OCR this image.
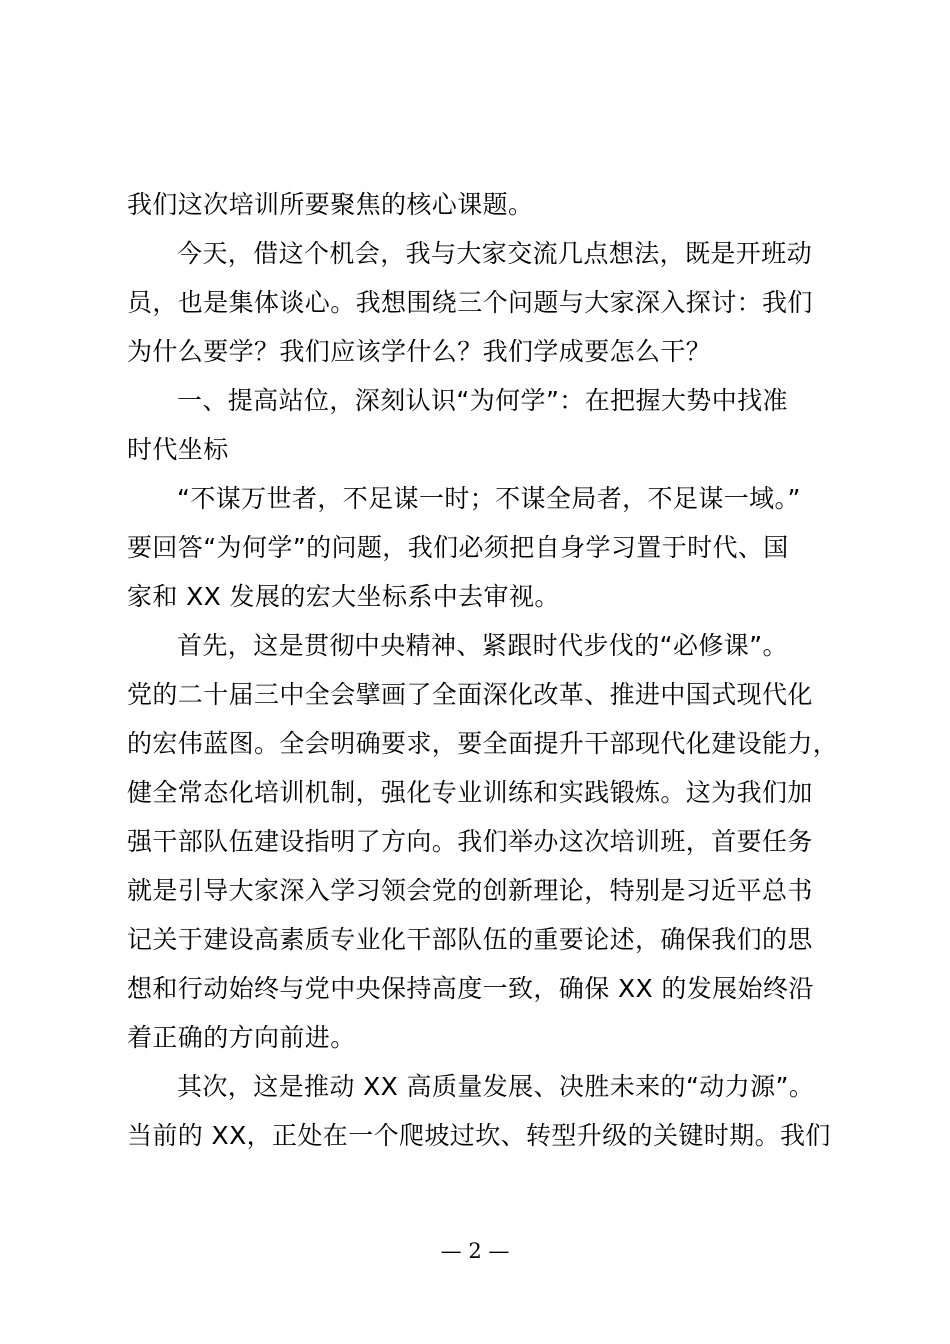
我们这次培训所要聚焦的核心课题。
今天，借这个机会，我与大家交流几点想法，既是开班动
员，也是集体谈心。我想围绕三个问题与大家深入探讨：我们
为什么要学？我们应该学什么？我们学成要怎么干？
一、提高站位，深刻认识“为何学”：在把握大势中找准
时代坐标
“不谋万世者，不足谋一时；不谋全局者，不足谋一域。”
要回答“为何学”的问题，我们必须把自身学习置于时代、国
家和 XX 发展的宏大坐标系中去审视。
首先，这是贯彻中央精神、紧跟时代步伐的“必修课”。
党的二十届三中全会擘画了全面深化改革、推进中国式现代化
的宏伟蓝图。全会明确要求，要全面提升干部现代化建设能力，
健全常态化培训机制，强化专业训练和实践锻炼。这为我们加
强干部队伍建设指明了方向。我们举办这次培训班，首要任务
就是引导大家深入学习领会党的创新理论，特别是习近平总书
记关于建设高素质专业化干部队伍的重要论述，确保我们的思
想和行动始终与党中央保持高度一致，确保 XX 的发展始终沿
着正确的方向前进。
其次，这是推动 XX 高质量发展、决胜未来的“动力源”。
当前的 XX，正处在一个爬坡过坎、转型升级的关键时期。我们
— 2 —
